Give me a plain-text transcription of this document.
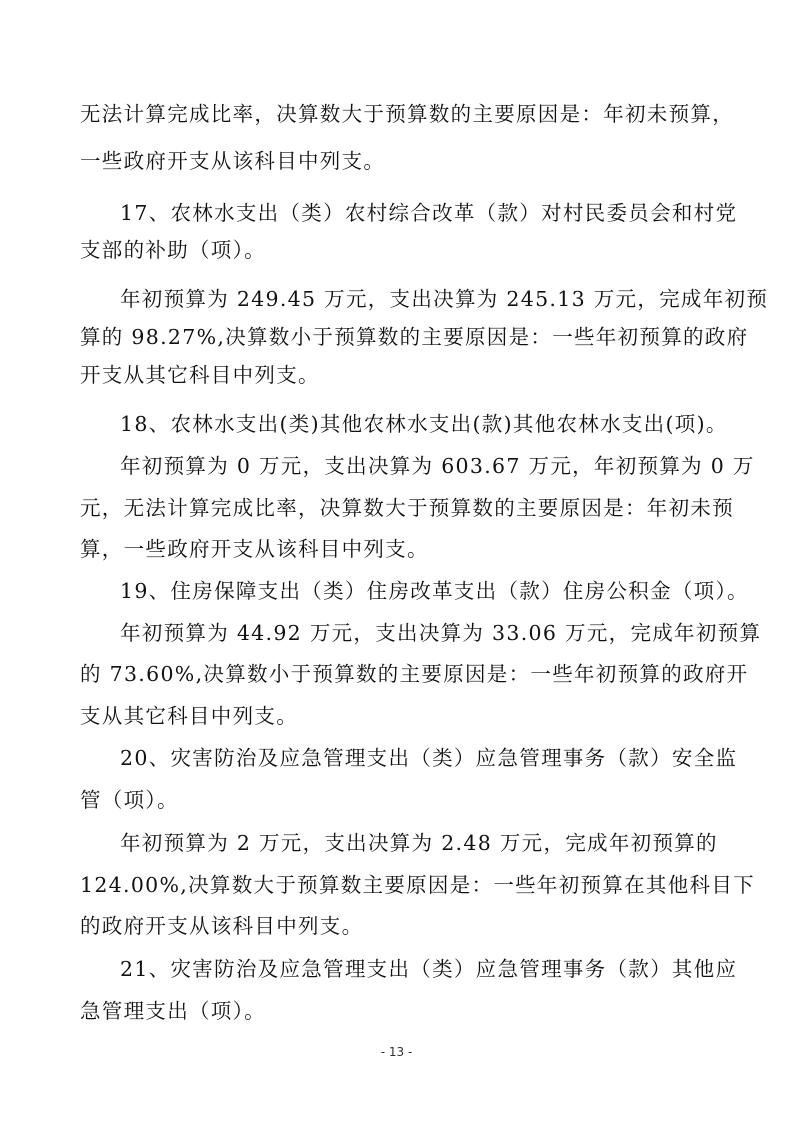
无法计算完成比率，决算数大于预算数的主要原因是：年初未预算，
一些政府开支从该科目中列支。
17、农林水支出（类）农村综合改革（款）对村民委员会和村党
支部的补助（项）。
年初预算为 249.45 万元，支出决算为 245.13 万元，完成年初预
算的 98.27%,决算数小于预算数的主要原因是：一些年初预算的政府
开支从其它科目中列支。
18、农林水支出(类)其他农林水支出(款)其他农林水支出(项)。
年初预算为 0 万元，支出决算为 603.67 万元，年初预算为 0 万
元，无法计算完成比率，决算数大于预算数的主要原因是：年初未预
算，一些政府开支从该科目中列支。
19、住房保障支出（类）住房改革支出（款）住房公积金（项）。
年初预算为 44.92 万元，支出决算为 33.06 万元，完成年初预算
的 73.60%,决算数小于预算数的主要原因是：一些年初预算的政府开
支从其它科目中列支。
20、灾害防治及应急管理支出（类）应急管理事务（款）安全监
管（项）。
年初预算为 2 万元，支出决算为 2.48 万元，完成年初预算的
124.00%,决算数大于预算数主要原因是：一些年初预算在其他科目下
的政府开支从该科目中列支。
21、灾害防治及应急管理支出（类）应急管理事务（款）其他应
急管理支出（项）。
- 13 -
